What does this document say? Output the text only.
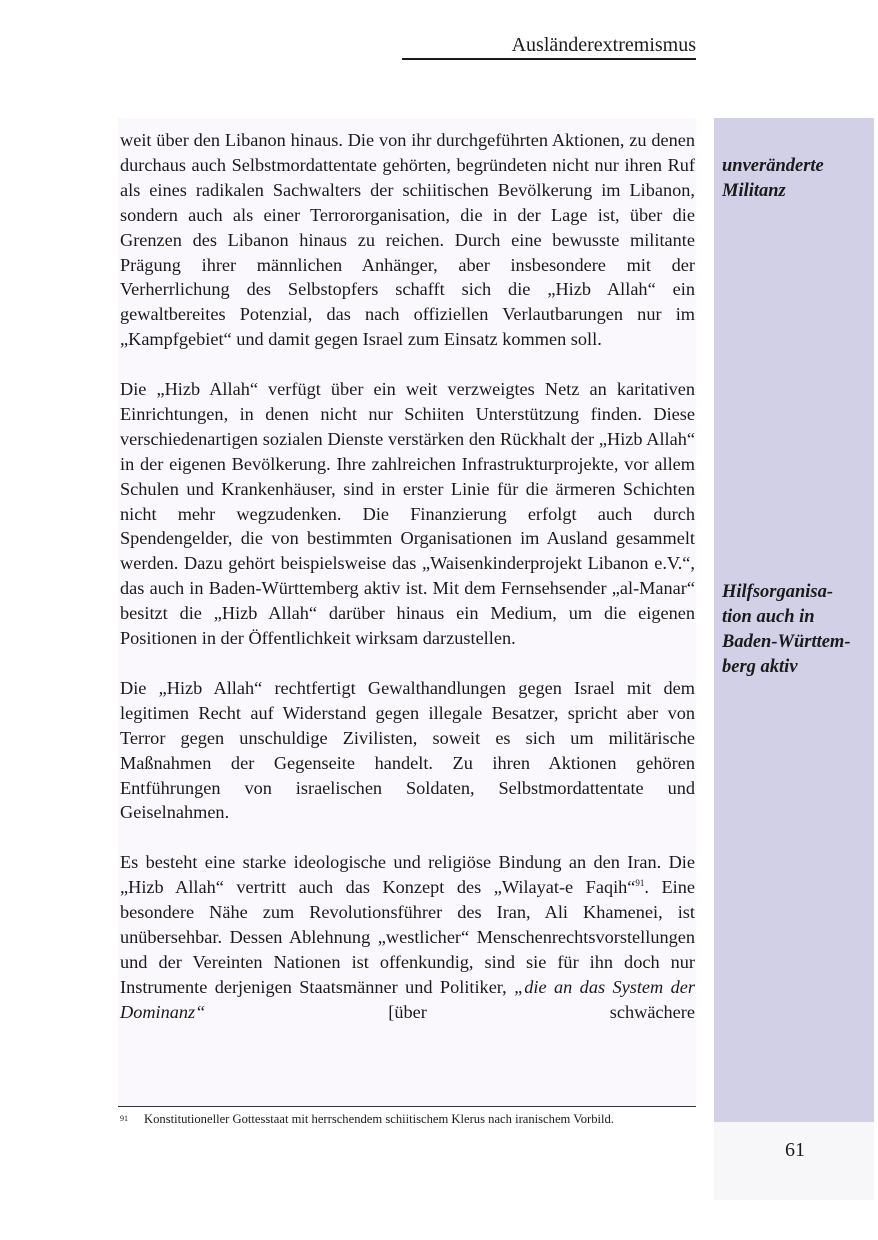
Ausländerextremismus

weit über den Libanon hinaus. Die von ihr durchgeführten Aktionen, zu denen durchaus auch Selbstmordattentate gehörten, begründeten nicht nur ihren Ruf als eines radikalen Sachwalters der schiitischen Bevölkerung im Libanon, sondern auch als einer Terrororganisation, die in der Lage ist, über die Grenzen des Libanon hinaus zu reichen. Durch eine bewusste militante Prägung ihrer männlichen Anhänger, aber insbesondere mit der Verherrlichung des Selbstopfers schafft sich die „Hizb Allah“ ein gewaltbereites Potenzial, das nach offiziellen Verlautbarungen nur im „Kampfgebiet“ und damit gegen Israel zum Einsatz kommen soll.

Die „Hizb Allah“ verfügt über ein weit verzweigtes Netz an karitativen Einrichtungen, in denen nicht nur Schiiten Unterstützung finden. Diese verschiedenartigen sozialen Dienste verstärken den Rückhalt der „Hizb Allah“ in der eigenen Bevölkerung. Ihre zahlreichen Infrastrukturprojekte, vor allem Schulen und Krankenhäuser, sind in erster Linie für die ärmeren Schichten nicht mehr wegzudenken. Die Finanzierung erfolgt auch durch Spendengelder, die von bestimmten Organisationen im Ausland gesammelt werden. Dazu gehört beispielsweise das „Waisenkinderprojekt Libanon e.V.“, das auch in Baden-Württemberg aktiv ist. Mit dem Fernsehsender „al-Manar“ besitzt die „Hizb Allah“ darüber hinaus ein Medium, um die eigenen Positionen in der Öffentlichkeit wirksam darzustellen.

Die „Hizb Allah“ rechtfertigt Gewalthandlungen gegen Israel mit dem legitimen Recht auf Widerstand gegen illegale Besatzer, spricht aber von Terror gegen unschuldige Zivilisten, soweit es sich um militärische Maßnahmen der Gegenseite handelt. Zu ihren Aktionen gehören Entführungen von israelischen Soldaten, Selbstmordattentate und Geiselnahmen.

Es besteht eine starke ideologische und religiöse Bindung an den Iran. Die „Hizb Allah“ vertritt auch das Konzept des „Wilayat-e Faqih“$^{91}$. Eine besondere Nähe zum Revolutionsführer des Iran, Ali Khamenei, ist unübersehbar. Dessen Ablehnung „westlicher“ Menschenrechtsvorstellungen und der Vereinten Nationen ist offenkundig, sind sie für ihn doch nur Instrumente derjenigen Staatsmänner und Politiker, „die an das System der Dominanz“ [über schwächere

unveränderte
Militanz
Hilfsorganisa-
tion auch in
Baden-Württem-
berg aktiv
91 Konstitutioneller Gottesstaat mit herrschendem schiitischem Klerus nach iranischem Vorbild.
61
